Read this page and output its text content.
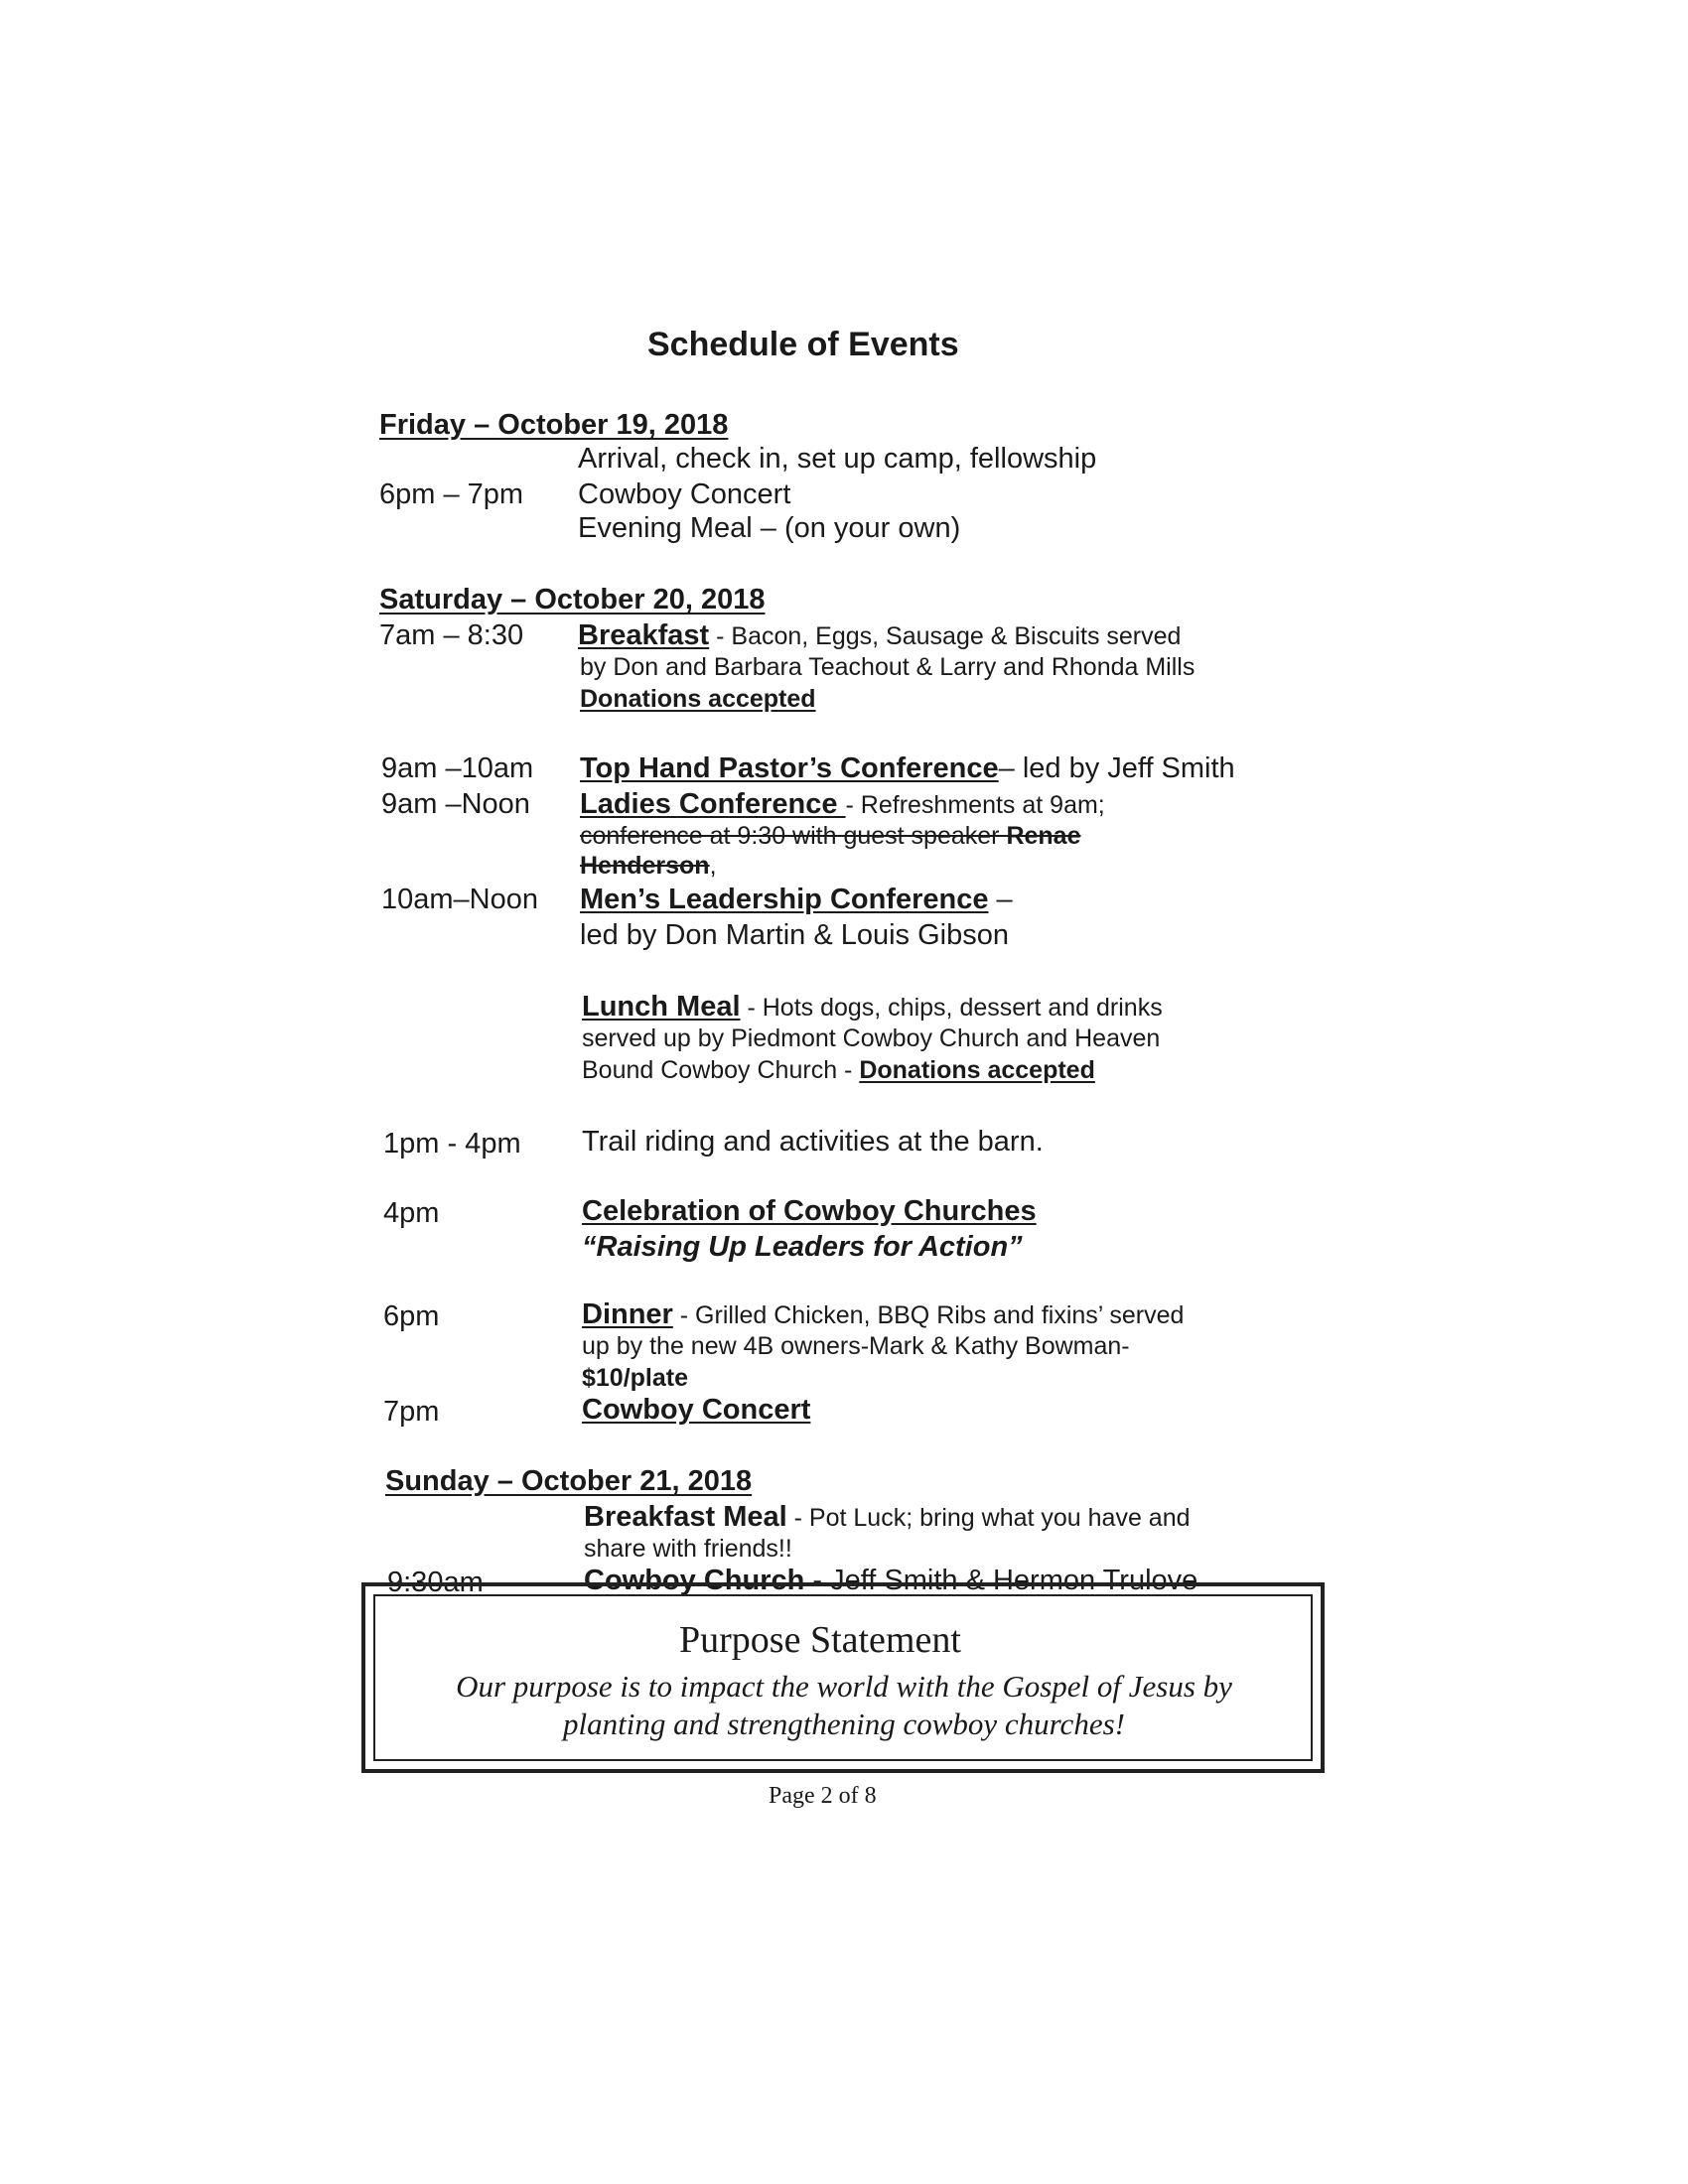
Schedule of Events
Friday – October 19, 2018
Arrival, check in, set up camp, fellowship
6pm – 7pm Cowboy Concert
Evening Meal – (on your own)
Saturday – October 20, 2018
7am – 8:30 Breakfast - Bacon, Eggs, Sausage & Biscuits served
by Don and Barbara Teachout & Larry and Rhonda Mills
Donations accepted
9am –10am Top Hand Pastor’s Conference– led by Jeff Smith
9am –Noon Ladies Conference - Refreshments at 9am;
conference at 9:30 with guest speaker Renae
Henderson,
10am–Noon Men’s Leadership Conference –
led by Don Martin & Louis Gibson
Lunch Meal - Hots dogs, chips, dessert and drinks
served up by Piedmont Cowboy Church and Heaven
Bound Cowboy Church - Donations accepted
1pm - 4pm Trail riding and activities at the barn.
4pm	Celebration of Cowboy Churches
“Raising Up Leaders for Action”
6pm	Dinner - Grilled Chicken, BBQ Ribs and fixins’ served
up by the new 4B owners-Mark & Kathy Bowman-
$10/plate
7pm	Cowboy Concert
Sunday – October 21, 2018
Breakfast Meal - Pot Luck; bring what you have and
share with friends!!
9:30am	Cowboy Church - Jeff Smith & Hermon Trulove
Purpose Statement
Our purpose is to impact the world with the Gospel of Jesus by planting and strengthening cowboy churches!
Page 2 of 8
